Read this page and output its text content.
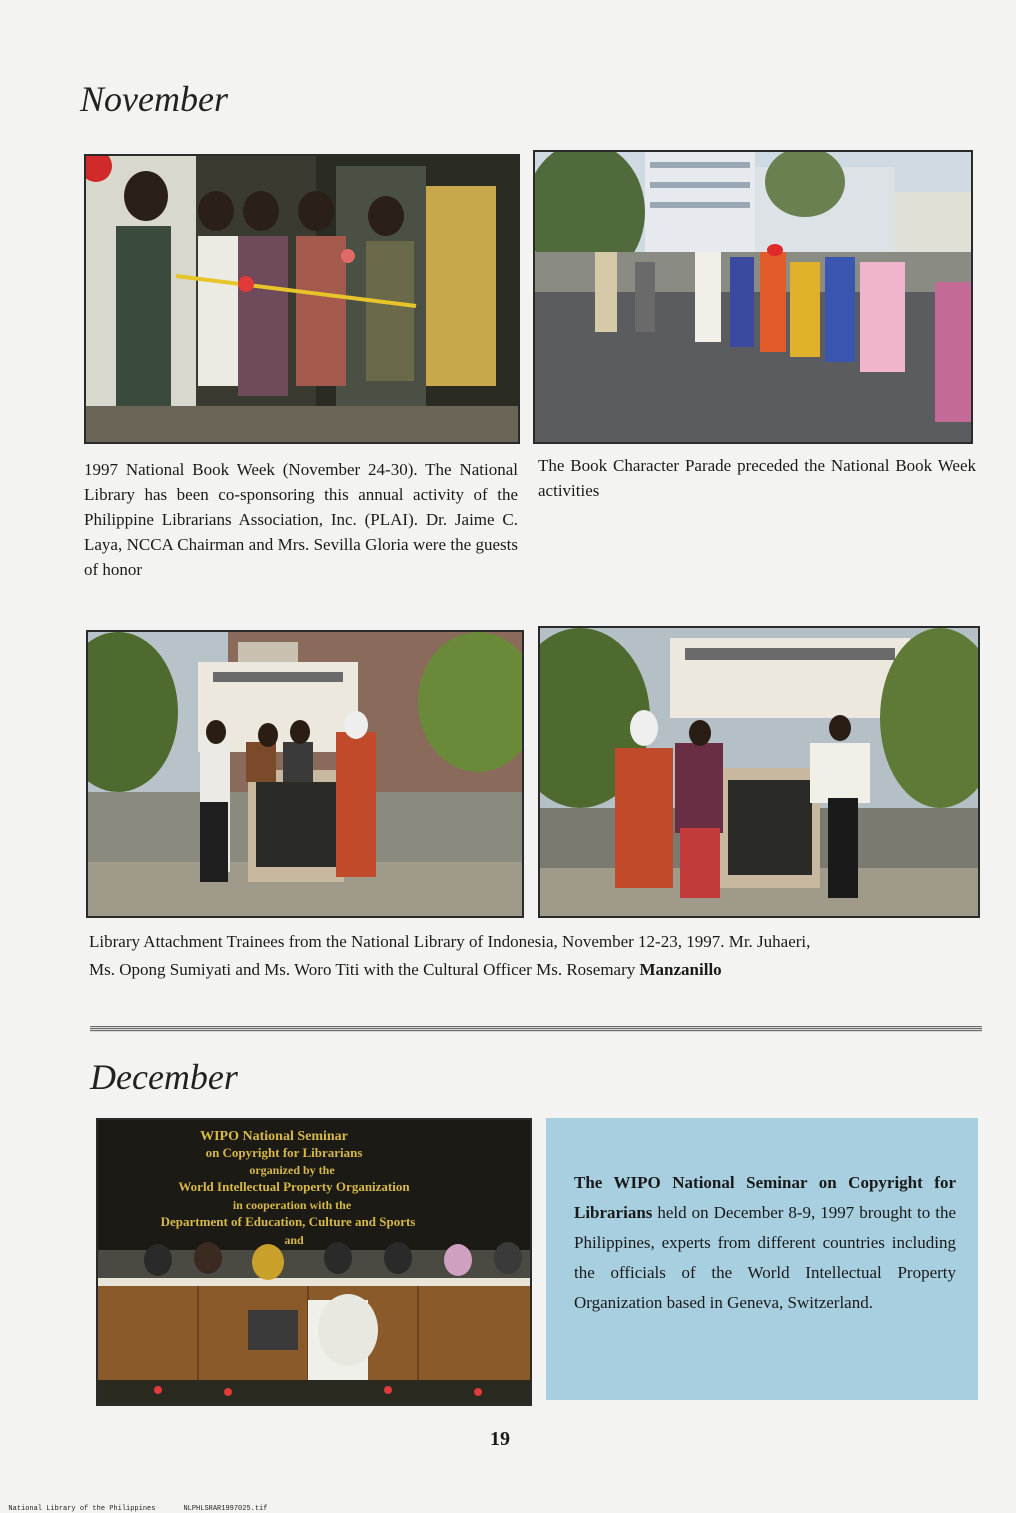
November
1997 National Book Week (November 24-30). The National Library has been co-sponsoring this annual activity of the Philippine Librarians Association, Inc. (PLAI). Dr. Jaime C. Laya, NCCA Chairman and Mrs. Sevilla Gloria were the guests of honor
The Book Character Parade preceded the National Book Week activities
Library Attachment Trainees from the National Library of Indonesia, November 12-23, 1997. Mr. Juhaeri,
Ms. Opong Sumiyati and Ms. Woro Titi with the Cultural Officer Ms. Rosemary Manzanillo
December
WIPO National Seminar
on Copyright for Librarians
organized by the
World Intellectual Property Organization
in cooperation with the
Department of Education, Culture and Sports
and
The WIPO National Seminar on Copyright for Librarians held on December 8-9, 1997 brought to the Philippines, experts from different countries including the officials of the World Intellectual Property Organization based in Geneva, Switzerland.
19

National Library of the Philippines	NLPHLSRAR1997025.tif
